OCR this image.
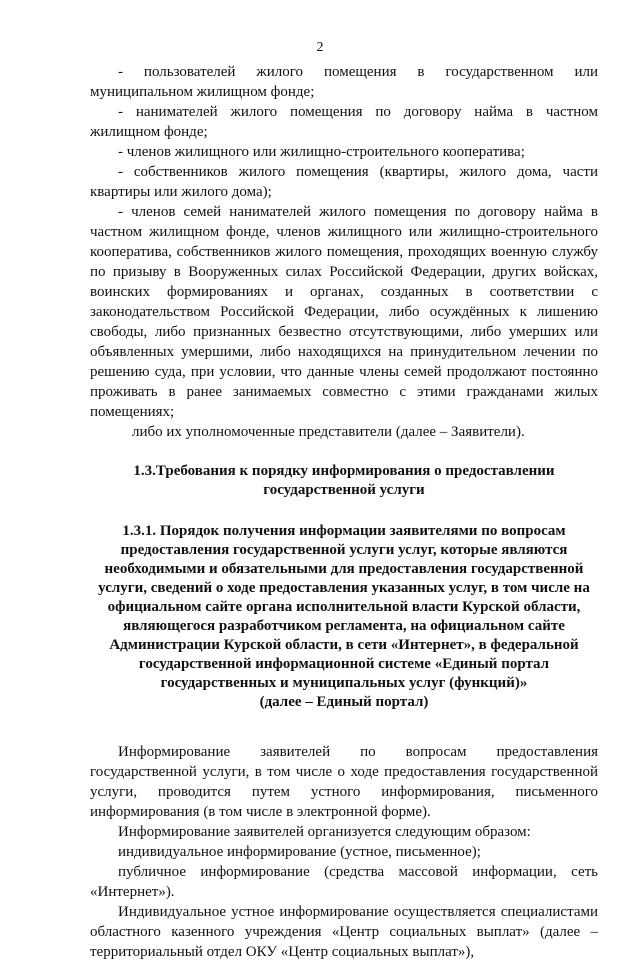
2

- пользователей жилого помещения в государственном или муниципальном жилищном фонде;

- нанимателей жилого помещения по договору найма в частном жилищном фонде;

- членов жилищного или жилищно-строительного кооператива;

- собственников жилого помещения (квартиры, жилого дома, части квартиры или жилого дома);

- членов семей нанимателей жилого помещения по договору найма в частном жилищном фонде, членов жилищного или жилищно-строительного кооператива, собственников жилого помещения, проходящих военную службу по призыву в Вооруженных силах Российской Федерации, других войсках, воинских формированиях и органах, созданных в соответствии с законодательством Российской Федерации, либо осуждённых к лишению свободы, либо признанных безвестно отсутствующими, либо умерших или объявленных умершими, либо находящихся на принудительном лечении по решению суда, при условии, что данные члены семей продолжают постоянно проживать в ранее занимаемых совместно с этими гражданами жилых помещениях;

либо их уполномоченные представители (далее – Заявители).

1.3.Требования к порядку информирования о предоставлении
государственной услуги
1.3.1. Порядок получения информации заявителями по вопросам
предоставления государственной услуги услуг, которые являются
необходимыми и обязательными для предоставления государственной
услуги, сведений о ходе предоставления указанных услуг, в том числе на
официальном сайте органа исполнительной власти Курской области,
являющегося разработчиком регламента, на официальном сайте
Администрации Курской области, в сети «Интернет», в федеральной
государственной информационной системе «Единый портал
государственных и муниципальных услуг (функций)»
(далее – Единый портал)

Информирование заявителей по вопросам предоставления государственной услуги, в том числе о ходе предоставления государственной услуги, проводится путем устного информирования, письменного информирования (в том числе в электронной форме).

Информирование заявителей организуется следующим образом:

индивидуальное информирование (устное, письменное);

публичное информирование (средства массовой информации, сеть «Интернет»).

Индивидуальное устное информирование осуществляется специалистами областного казенного учреждения «Центр социальных выплат» (далее – территориальный отдел ОКУ «Центр социальных выплат»),
